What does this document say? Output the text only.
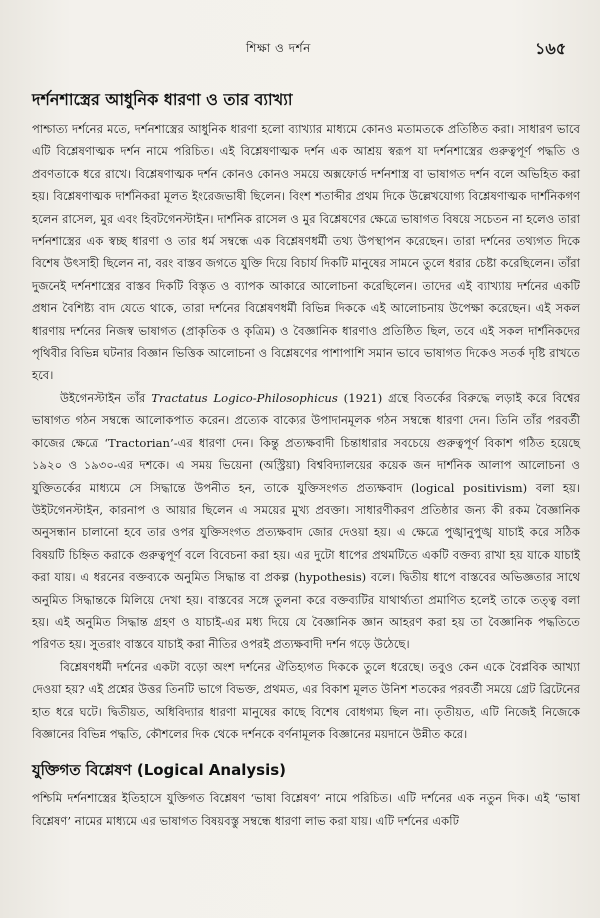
শিক্ষা ও দর্শন	১৬৫
দর্শনশাস্ত্রের আধুনিক ধারণা ও তার ব্যাখ্যা

পাশ্চাত্য দর্শনের মতে, দর্শনশাস্ত্রের আধুনিক ধারণা হলো ব্যাখ্যার মাধ্যমে কোনও মতামতকে প্রতিষ্ঠিত করা। সাধারণ ভাবে এটি বিশ্লেষণাত্মক দর্শন নামে পরিচিত। এই বিশ্লেষণাত্মক দর্শন এক আশ্রয় স্বরূপ যা দর্শনশাস্ত্রের গুরুত্বপূর্ণ পদ্ধতি ও প্রবণতাকে ধরে রাখে। বিশ্লেষণাত্মক দর্শন কোনও কোনও সময়ে অক্সফোর্ড দর্শনশাস্ত্র বা ভাষাগত দর্শন বলে অভিহিত করা হয়। বিশ্লেষণাত্মক দার্শনিকরা মূলত ইংরেজভাষী ছিলেন। বিংশ শতাব্দীর প্রথম দিকে উল্লেখযোগ্য বিশ্লেষণাত্মক দার্শনিকগণ হলেন রাসেল, মুর এবং হিবটগেনস্টাইন। দার্শনিক রাসেল ও মুর বিশ্লেষণের ক্ষেত্রে ভাষাগত বিষয়ে সচেতন না হলেও তারা দর্শনশাস্ত্রের এক স্বচ্ছ ধারণা ও তার ধর্ম সম্বন্ধে এক বিশ্লেষণধর্মী তথ্য উপস্থাপন করেছেন। তারা দর্শনের তথ্যগত দিকে বিশেষ উৎসাহী ছিলেন না, বরং বাস্তব জগতে যুক্তি দিয়ে বিচার্য দিকটি মানুষের সামনে তুলে ধরার চেষ্টা করেছিলেন। তাঁরা দুজনেই দর্শনশাস্ত্রের বাস্তব দিকটি বিস্তৃত ও ব্যাপক আকারে আলোচনা করেছিলেন। তাদের এই ব্যাখ্যায় দর্শনের একটি প্রধান বৈশিষ্ট্য বাদ যেতে থাকে, তারা দর্শনের বিশ্লেষণধর্মী বিভিন্ন দিককে এই আলোচনায় উপেক্ষা করেছেন। এই সকল ধারণায় দর্শনের নিজস্ব ভাষাগত (প্রাকৃতিক ও কৃত্রিম) ও বৈজ্ঞানিক ধারণাও প্রতিষ্ঠিত ছিল, তবে এই সকল দার্শনিকদের পৃথিবীর বিভিন্ন ঘটনার বিজ্ঞান ভিত্তিক আলোচনা ও বিশ্লেষণের পাশাপাশি সমান ভাবে ভাষাগত দিকেও সতর্ক দৃষ্টি রাখতে হবে।

উইগেনস্টাইন তাঁর Tractatus Logico-Philosophicus (1921) গ্রন্থে বিতর্কের বিরুদ্ধে লড়াই করে বিশ্বের ভাষাগত গঠন সম্বন্ধে আলোকপাত করেন। প্রত্যেক বাক্যের উপাদানমূলক গঠন সম্বন্ধে ধারণা দেন। তিনি তাঁর পরবর্তী কাজের ক্ষেত্রে ‘Tractorian’-এর ধারণা দেন। কিন্তু প্রত্যক্ষবাদী চিন্তাধারার সবচেয়ে গুরুত্বপূর্ণ বিকাশ গঠিত হয়েছে ১৯২০ ও ১৯৩০-এর দশকে। এ সময় ভিয়েনা (অস্ট্রিয়া) বিশ্ববিদ্যালয়ের কয়েক জন দার্শনিক আলাপ আলোচনা ও যুক্তিতর্কের মাধ্যমে সে সিদ্ধান্তে উপনীত হন, তাকে যুক্তিসংগত প্রত্যক্ষবাদ (logical positivism) বলা হয়। উইটগেনস্টাইন, কারনাপ ও আয়ার ছিলেন এ সময়ের মুখ্য প্রবক্তা। সাধারণীকরণ প্রতিষ্ঠার জন্য কী রকম বৈজ্ঞানিক অনুসন্ধান চালানো হবে তার ওপর যুক্তিসংগত প্রত্যক্ষবাদ জোর দেওয়া হয়। এ ক্ষেত্রে পুঙ্খানুপুঙ্খ যাচাই করে সঠিক বিষয়টি চিহ্নিত করাকে গুরুত্বপূর্ণ বলে বিবেচনা করা হয়। এর দুটো ধাপের প্রথমটিতে একটি বক্তব্য রাখা হয় যাকে যাচাই করা যায়। এ ধরনের বক্তব্যকে অনুমিত সিদ্ধান্ত বা প্রকল্প (hypothesis) বলে। দ্বিতীয় ধাপে বাস্তবের অভিজ্ঞতার সাথে অনুমিত সিদ্ধান্তকে মিলিয়ে দেখা হয়। বাস্তবের সঙ্গে তুলনা করে বক্তব্যটির যাথার্থ্যতা প্রমাণিত হলেই তাকে তত্ত্ব বলা হয়। এই অনুমিত সিদ্ধান্ত গ্রহণ ও যাচাই-এর মধ্য দিয়ে যে বৈজ্ঞানিক জ্ঞান আহরণ করা হয় তা বৈজ্ঞানিক পদ্ধতিতে পরিণত হয়। সুতরাং বাস্তবে যাচাই করা নীতির ওপরই প্রত্যক্ষবাদী দর্শন গড়ে উঠেছে।

বিশ্লেষণধর্মী দর্শনের একটা বড়ো অংশ দর্শনের ঐতিহ্যগত দিককে তুলে ধরেছে। তবুও কেন একে বৈপ্লবিক আখ্যা দেওয়া হয়? এই প্রশ্নের উত্তর তিনটি ভাগে বিভক্ত, প্রথমত, এর বিকাশ মূলত উনিশ শতকের পরবর্তী সময়ে গ্রেট ব্রিটেনের হাত ধরে ঘটে। দ্বিতীয়ত, অধিবিদ্যার ধারণা মানুষের কাছে বিশেষ বোধগম্য ছিল না। তৃতীয়ত, এটি নিজেই নিজেকে বিজ্ঞানের বিভিন্ন পদ্ধতি, কৌশলের দিক থেকে দর্শনকে বর্ণনামূলক বিজ্ঞানের ময়দানে উন্নীত করে।

যুক্তিগত বিশ্লেষণ (Logical Analysis)

পশ্চিমি দর্শনশাস্ত্রের ইতিহাসে যুক্তিগত বিশ্লেষণ ‘ভাষা বিশ্লেষণ’ নামে পরিচিত। এটি দর্শনের এক নতুন দিক। এই ‘ভাষা বিশ্লেষণ’ নামের মাধ্যমে এর ভাষাগত বিষয়বস্তু সম্বন্ধে ধারণা লাভ করা যায়। এটি দর্শনের একটি
